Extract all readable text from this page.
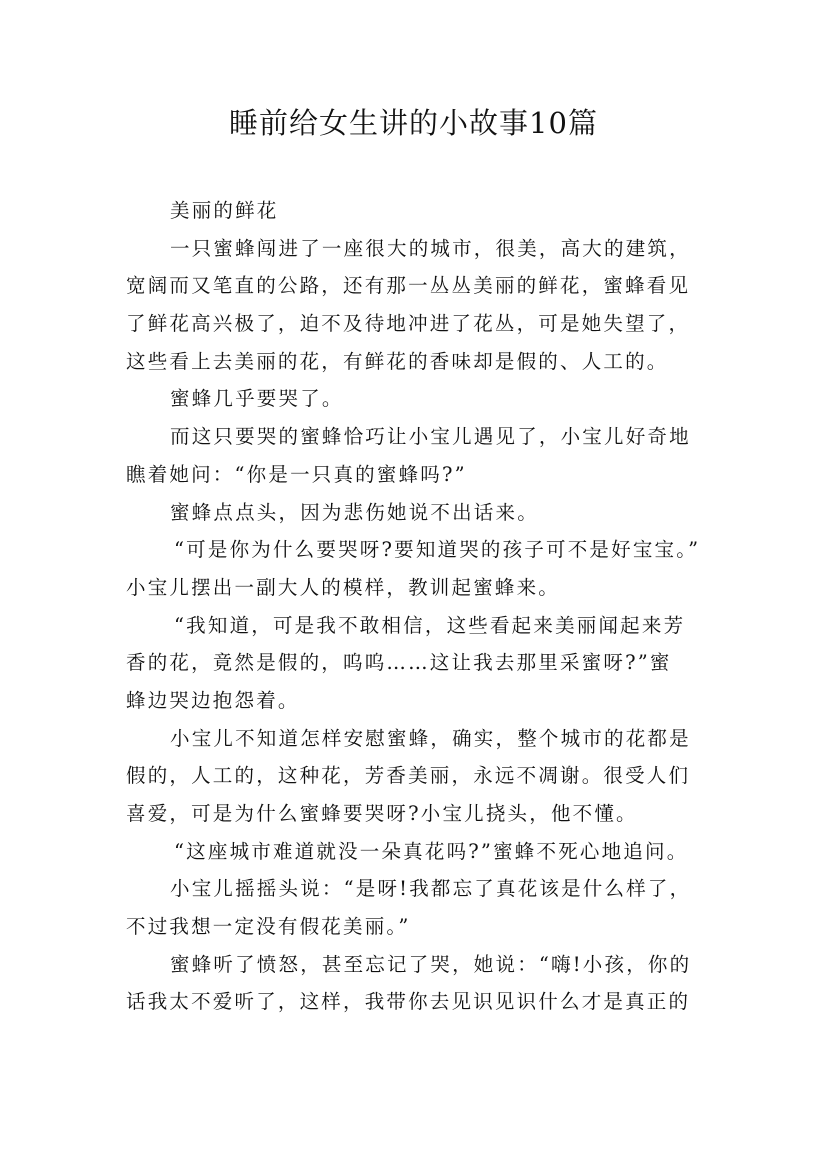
睡前给女生讲的小故事10篇
美丽的鲜花
一只蜜蜂闯进了一座很大的城市，很美，高大的建筑，
宽阔而又笔直的公路，还有那一丛丛美丽的鲜花，蜜蜂看见
了鲜花高兴极了，迫不及待地冲进了花丛，可是她失望了，
这些看上去美丽的花，有鲜花的香味却是假的、人工的。
蜜蜂几乎要哭了。
而这只要哭的蜜蜂恰巧让小宝儿遇见了，小宝儿好奇地
瞧着她问：“你是一只真的蜜蜂吗?”
蜜蜂点点头，因为悲伤她说不出话来。
“可是你为什么要哭呀?要知道哭的孩子可不是好宝宝。”
小宝儿摆出一副大人的模样，教训起蜜蜂来。
“我知道，可是我不敢相信，这些看起来美丽闻起来芳
香的花，竟然是假的，呜呜……这让我去那里采蜜呀?”蜜
蜂边哭边抱怨着。
小宝儿不知道怎样安慰蜜蜂，确实，整个城市的花都是
假的，人工的，这种花，芳香美丽，永远不凋谢。很受人们
喜爱，可是为什么蜜蜂要哭呀?小宝儿挠头，他不懂。
“这座城市难道就没一朵真花吗?”蜜蜂不死心地追问。
小宝儿摇摇头说：“是呀!我都忘了真花该是什么样了，
不过我想一定没有假花美丽。”
蜜蜂听了愤怒，甚至忘记了哭，她说：“嗨!小孩，你的
话我太不爱听了，这样，我带你去见识见识什么才是真正的
